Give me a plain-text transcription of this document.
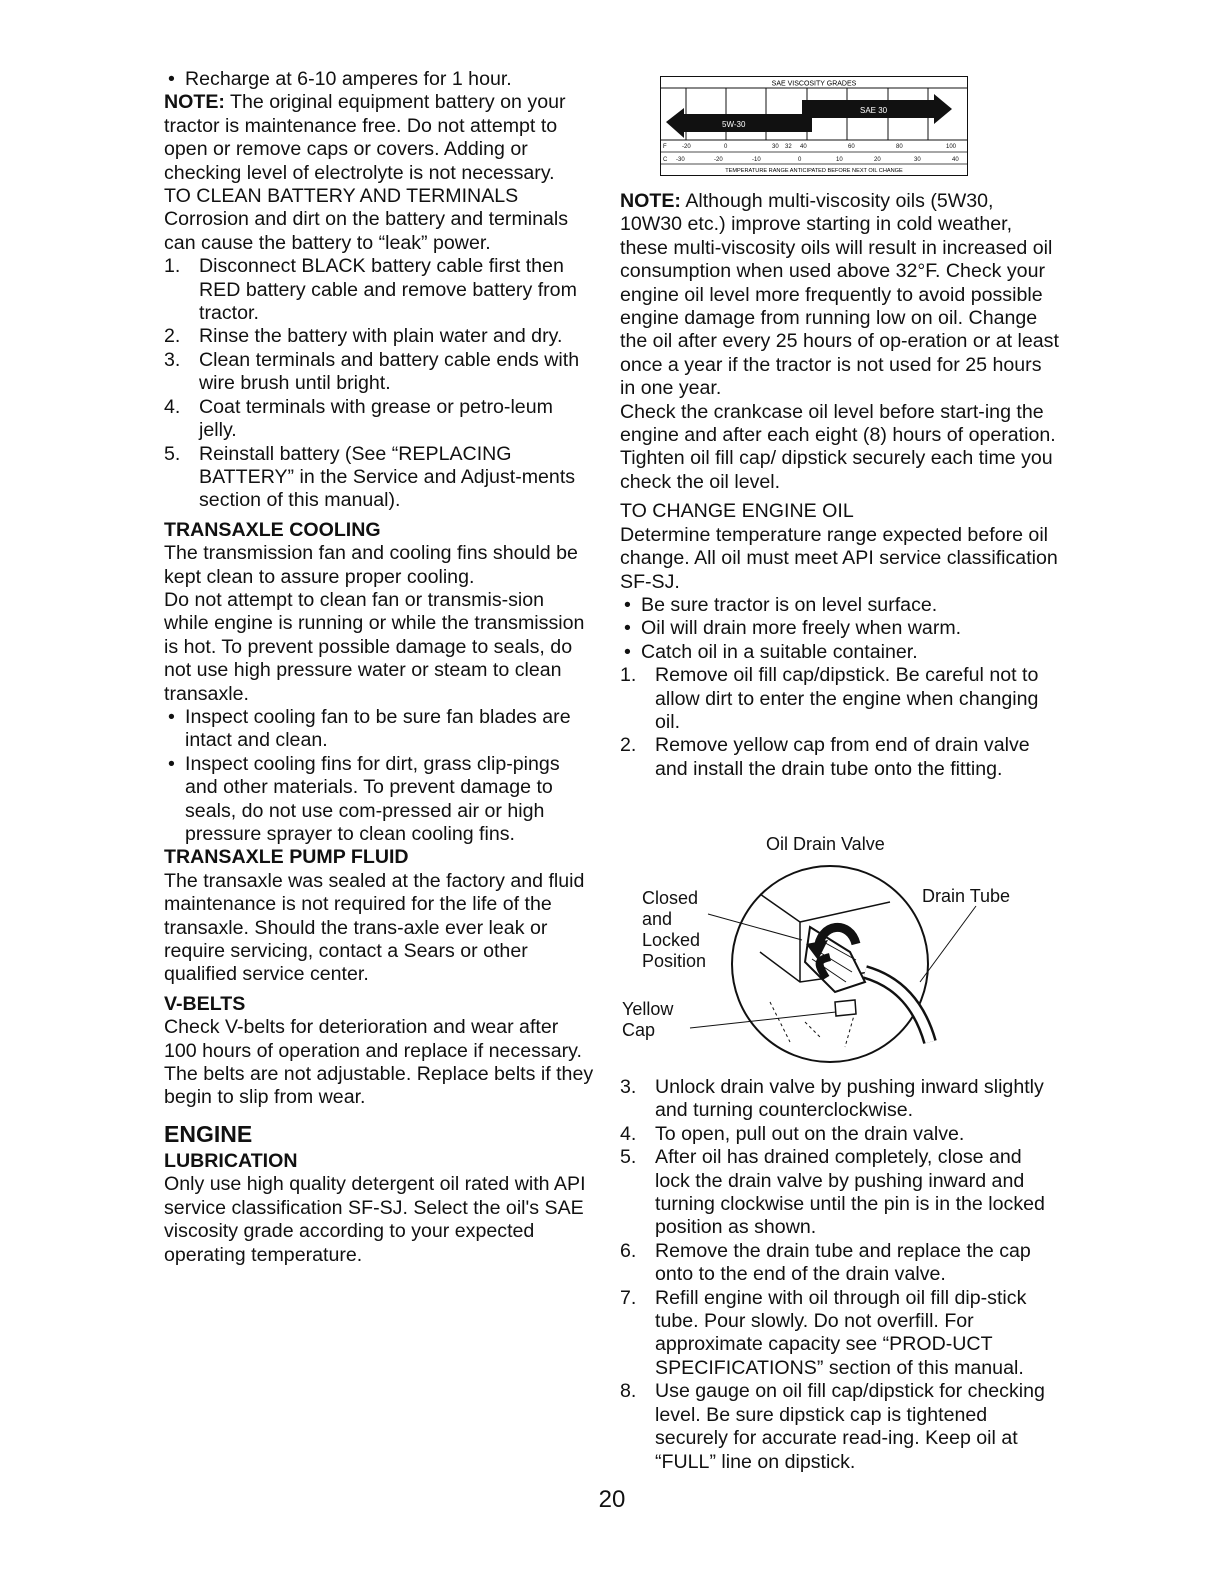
• Recharge at 6-10 amperes for 1 hour.

NOTE: The original equipment battery on your tractor is maintenance free. Do not attempt to open or remove caps or covers. Adding or checking level of electrolyte is not necessary.

TO CLEAN BATTERY AND TERMINALS

Corrosion and dirt on the battery and terminals can cause the battery to “leak” power.

1. Disconnect BLACK battery cable first then RED battery cable and remove battery from tractor.
2. Rinse the battery with plain water and dry.
3. Clean terminals and battery cable ends with wire brush until bright.
4. Coat terminals with grease or petro-leum jelly.
5. Reinstall battery (See “REPLACING BATTERY” in the Service and Adjust-ments section of this manual).

TRANSAXLE COOLING

The transmission fan and cooling fins should be kept clean to assure proper cooling.

Do not attempt to clean fan or transmis-sion while engine is running or while the transmission is hot. To prevent possible damage to seals, do not use high pressure water or steam to clean transaxle.

• Inspect cooling fan to be sure fan blades are intact and clean.
• Inspect cooling fins for dirt, grass clip-pings and other materials. To prevent damage to seals, do not use com-pressed air or high pressure sprayer to clean cooling fins.

TRANSAXLE PUMP FLUID

The transaxle was sealed at the factory and fluid maintenance is not required for the life of the transaxle. Should the trans-axle ever leak or require servicing, contact a Sears or other qualified service center.

V-BELTS

Check V-belts for deterioration and wear after 100 hours of operation and replace if necessary. The belts are not adjustable. Replace belts if they begin to slip from wear.

ENGINE

LUBRICATION

Only use high quality detergent oil rated with API service classification SF-SJ. Select the oil's SAE viscosity grade according to your expected operating temperature.

SAE VISCOSITY GRADES
SAE 30
5W-30
F	-20	0	30 32 40	60	80	100
C -30	-20	-10	0	10	20	30	40
TEMPERATURE RANGE ANTICIPATED BEFORE NEXT OIL CHANGE

NOTE: Although multi-viscosity oils (5W30, 10W30 etc.) improve starting in cold weather, these multi-viscosity oils will result in increased oil consumption when used above 32°F. Check your engine oil level more frequently to avoid possible engine damage from running low on oil. Change the oil after every 25 hours of op-eration or at least once a year if the tractor is not used for 25 hours in one year.

Check the crankcase oil level before start-ing the engine and after each eight (8) hours of operation. Tighten oil fill cap/ dipstick securely each time you check the oil level.

TO CHANGE ENGINE OIL

Determine temperature range expected before oil change. All oil must meet API service classification SF-SJ.

• Be sure tractor is on level surface.
• Oil will drain more freely when warm.
• Catch oil in a suitable container.
1. Remove oil fill cap/dipstick. Be careful not to allow dirt to enter the engine when changing oil.
2. Remove yellow cap from end of drain valve and install the drain tube onto the fitting.
Oil Drain Valve
Closed
and
Locked
Position
Drain Tube
Yellow
Cap
3. Unlock drain valve by pushing inward slightly and turning counterclockwise.
4. To open, pull out on the drain valve.
5. After oil has drained completely, close and lock the drain valve by pushing inward and turning clockwise until the pin is in the locked position as shown.
6. Remove the drain tube and replace the cap onto to the end of the drain valve.
7. Refill engine with oil through oil fill dip-stick tube. Pour slowly. Do not overfill. For approximate capacity see “PROD-UCT SPECIFICATIONS” section of this manual.
8. Use gauge on oil fill cap/dipstick for checking level. Be sure dipstick cap is tightened securely for accurate read-ing. Keep oil at “FULL” line on dipstick.
20
